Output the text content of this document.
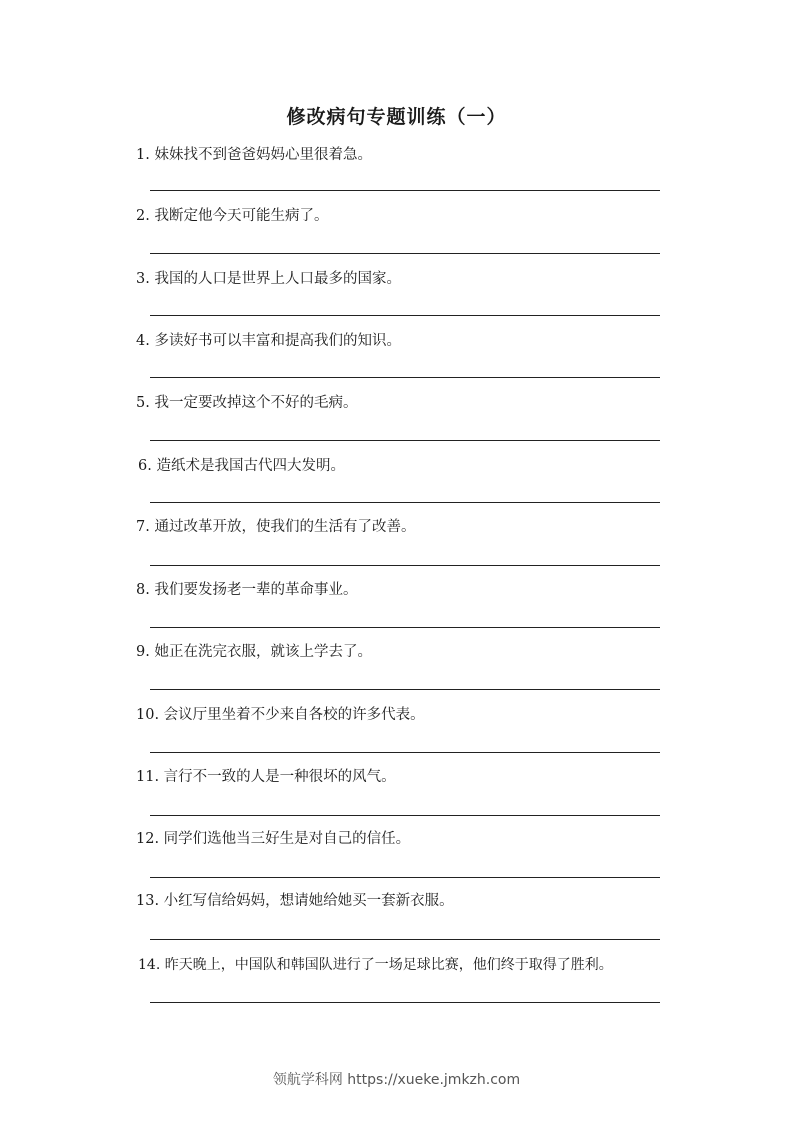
修改病句专题训练（一）
1. 妹妹找不到爸爸妈妈心里很着急。
2. 我断定他今天可能生病了。
3. 我国的人口是世界上人口最多的国家。
4. 多读好书可以丰富和提高我们的知识。
5. 我一定要改掉这个不好的毛病。
6. 造纸术是我国古代四大发明。
7. 通过改革开放，使我们的生活有了改善。
8. 我们要发扬老一辈的革命事业。
9. 她正在洗完衣服，就该上学去了。
10. 会议厅里坐着不少来自各校的许多代表。
11. 言行不一致的人是一种很坏的风气。
12. 同学们选他当三好生是对自己的信任。
13. 小红写信给妈妈，想请她给她买一套新衣服。
14. 昨天晚上，中国队和韩国队进行了一场足球比赛，他们终于取得了胜利。
领航学科网 https://xueke.jmkzh.com
